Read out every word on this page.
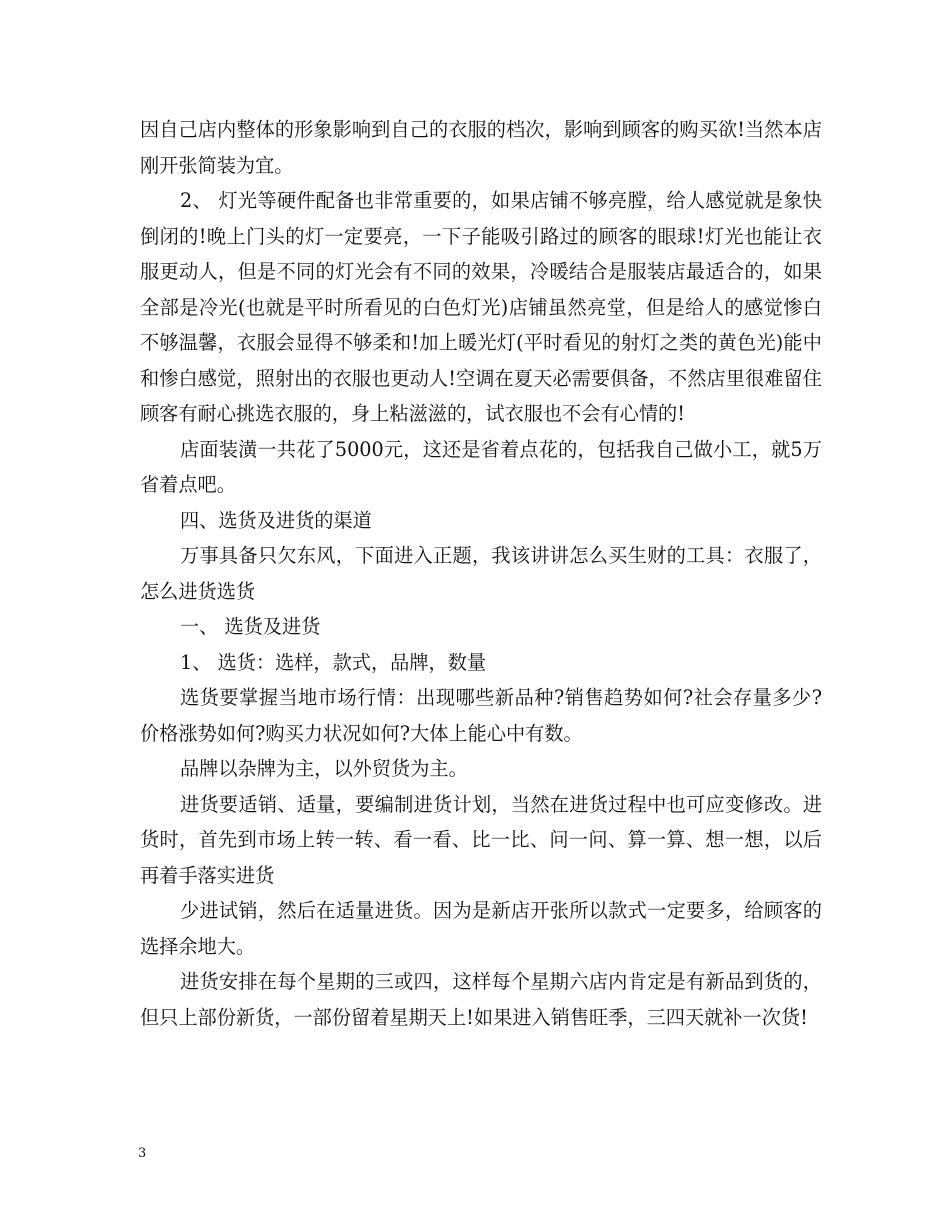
因自己店内整体的形象影响到自己的衣服的档次，影响到顾客的购买欲!当然本店刚开张简装为宜。

2、 灯光等硬件配备也非常重要的，如果店铺不够亮膛，给人感觉就是象快倒闭的!晚上门头的灯一定要亮，一下子能吸引路过的顾客的眼球!灯光也能让衣服更动人，但是不同的灯光会有不同的效果，冷暖结合是服装店最适合的，如果全部是冷光(也就是平时所看见的白色灯光)店铺虽然亮堂，但是给人的感觉惨白不够温馨，衣服会显得不够柔和!加上暖光灯(平时看见的射灯之类的黄色光)能中和惨白感觉，照射出的衣服也更动人!空调在夏天必需要俱备，不然店里很难留住顾客有耐心挑选衣服的，身上粘滋滋的，试衣服也不会有心情的!

店面装潢一共花了5000元，这还是省着点花的，包括我自己做小工，就5万省着点吧。

四、选货及进货的渠道

万事具备只欠东风，下面进入正题，我该讲讲怎么买生财的工具：衣服了，怎么进货选货

一、 选货及进货

1、 选货：选样，款式，品牌，数量

选货要掌握当地市场行情：出现哪些新品种?销售趋势如何?社会存量多少?价格涨势如何?购买力状况如何?大体上能心中有数。

品牌以杂牌为主，以外贸货为主。

进货要适销、适量，要编制进货计划，当然在进货过程中也可应变修改。进货时，首先到市场上转一转、看一看、比一比、问一问、算一算、想一想，以后再着手落实进货

少进试销，然后在适量进货。因为是新店开张所以款式一定要多，给顾客的选择余地大。

进货安排在每个星期的三或四，这样每个星期六店内肯定是有新品到货的，但只上部份新货，一部份留着星期天上!如果进入销售旺季，三四天就补一次货!

3
